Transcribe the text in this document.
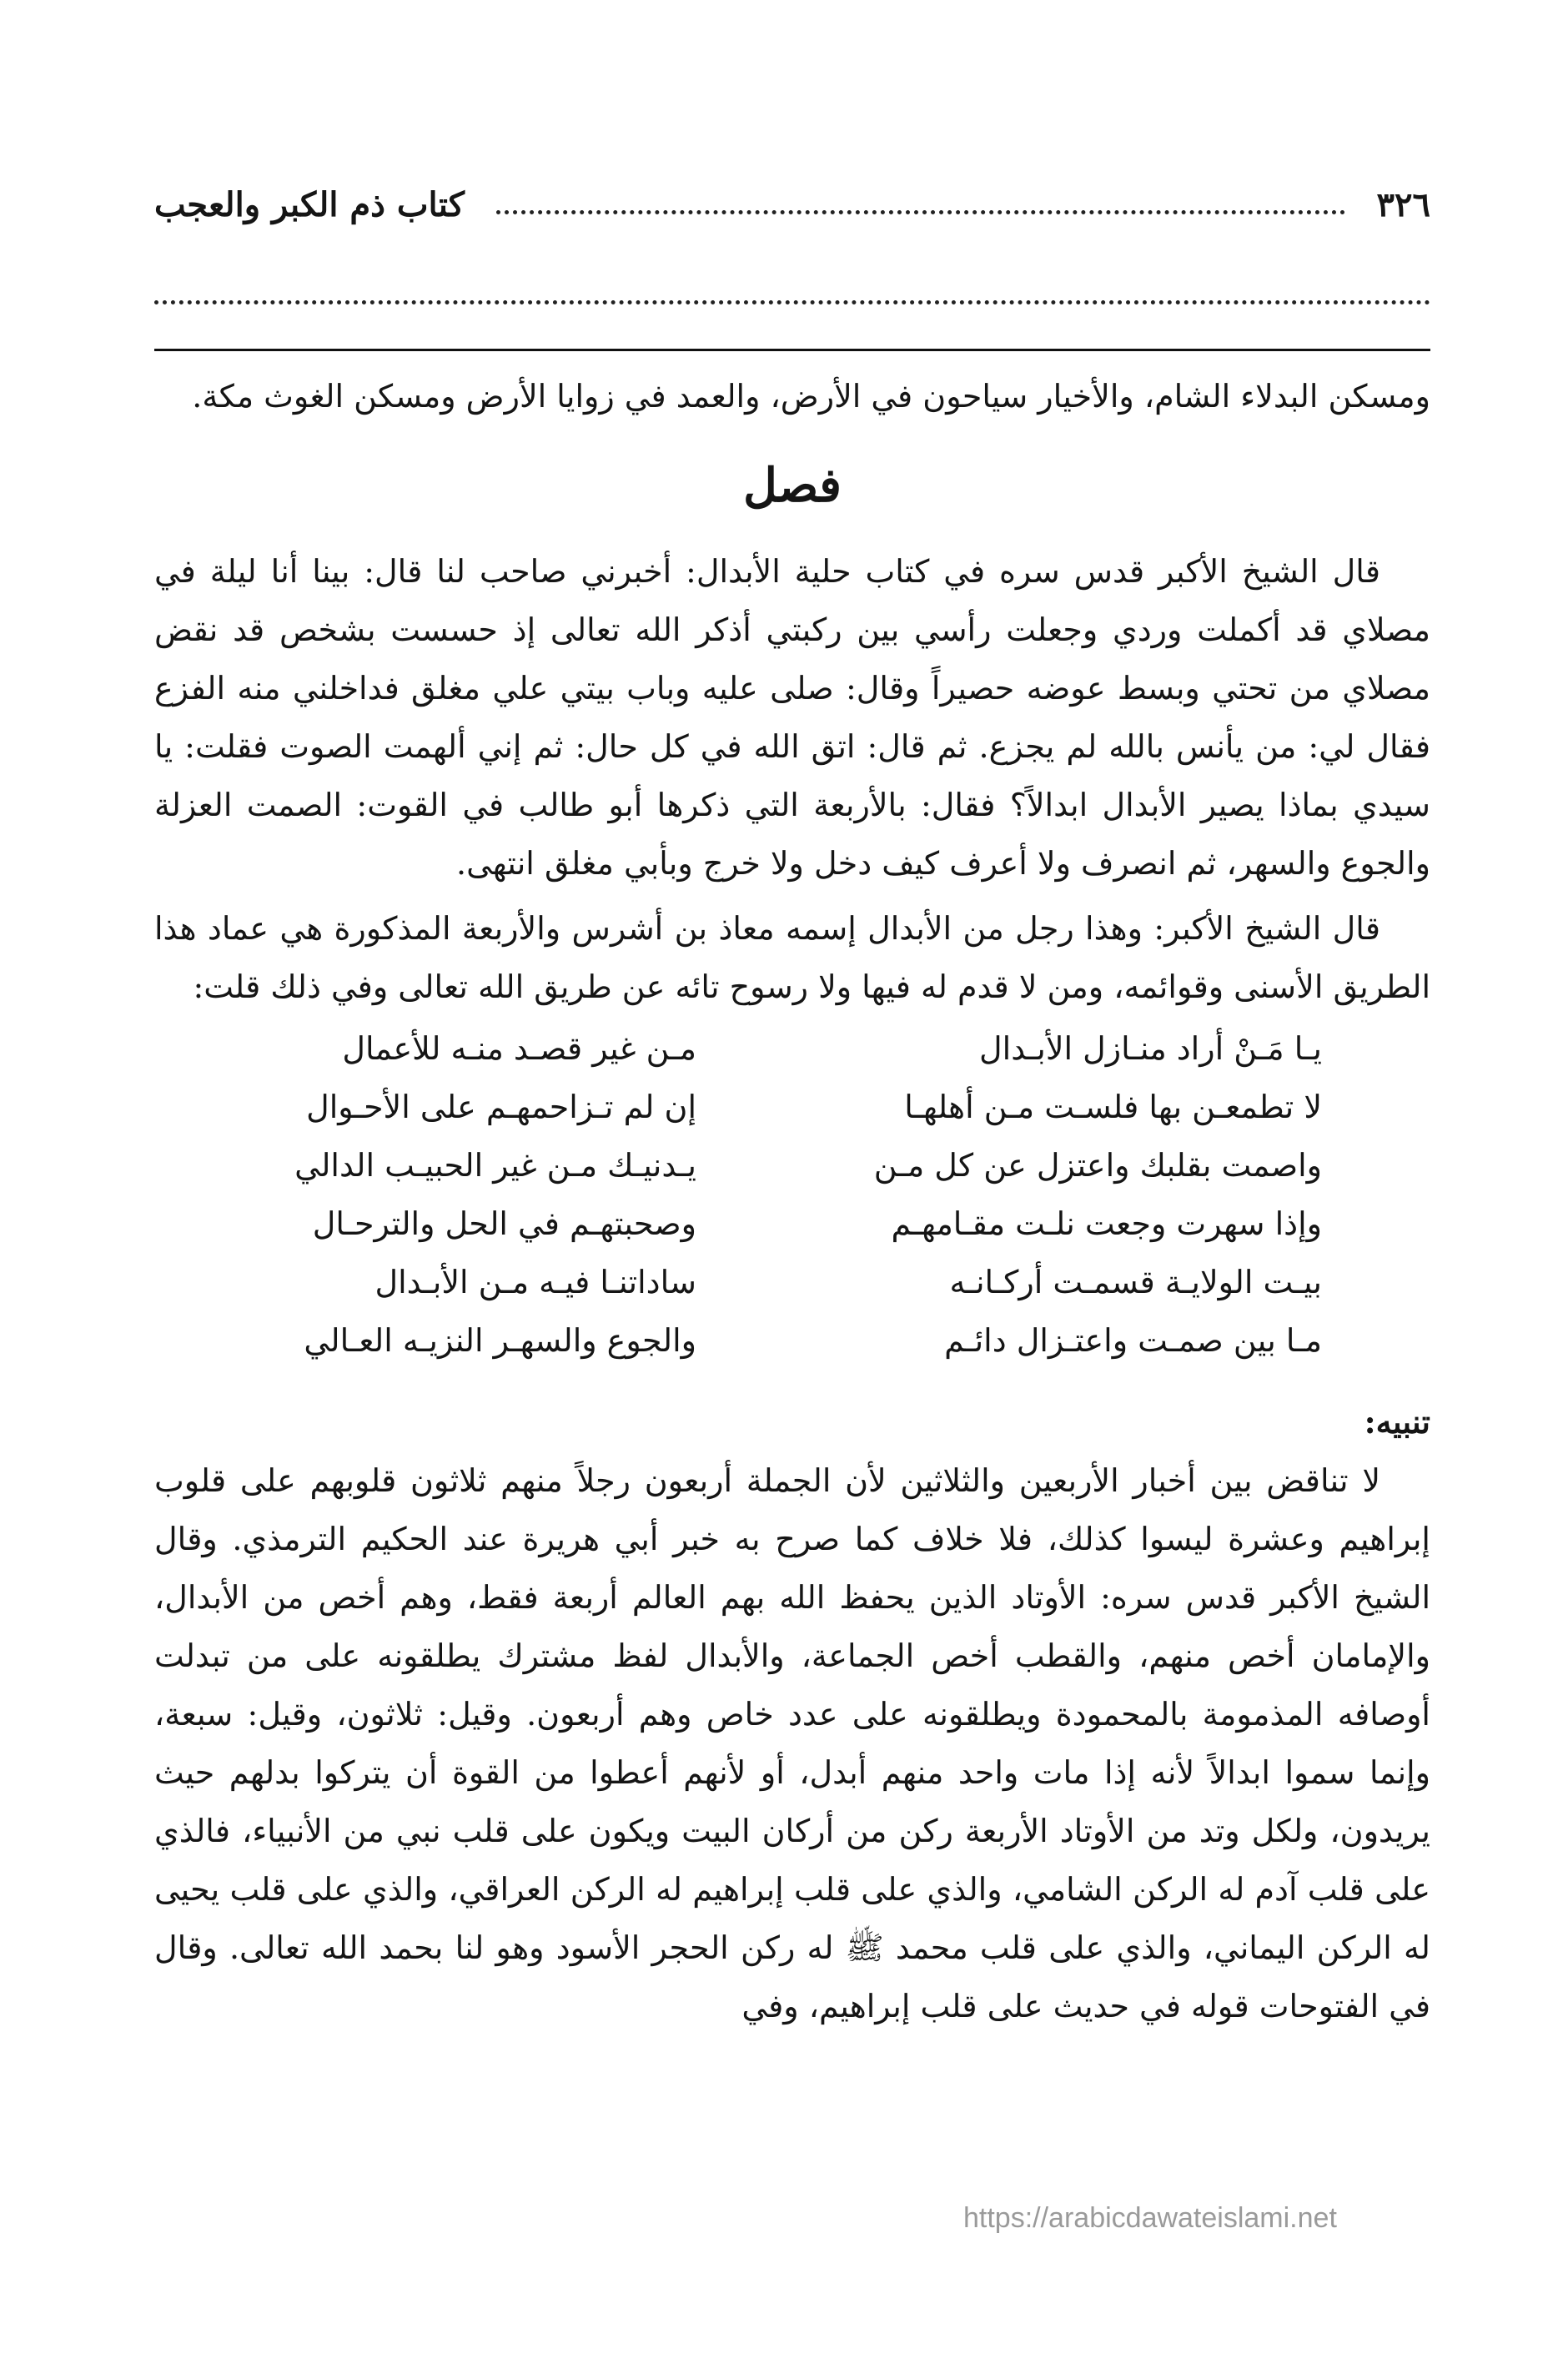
٣٢٦
كتاب ذم الكبر والعجب

ومسكن البدلاء الشام، والأخيار سياحون في الأرض، والعمد في زوايا الأرض ومسكن الغوث مكة.

فصل

قال الشيخ الأكبر قدس سره في كتاب حلية الأبدال: أخبرني صاحب لنا قال: بينا أنا ليلة في مصلاي قد أكملت وردي وجعلت رأسي بين ركبتي أذكر الله تعالى إذ حسست بشخص قد نقض مصلاي من تحتي وبسط عوضه حصيراً وقال: صلى عليه وباب بيتي علي مغلق فداخلني منه الفزع فقال لي: من يأنس بالله لم يجزع. ثم قال: اتق الله في كل حال: ثم إني ألهمت الصوت فقلت: يا سيدي بماذا يصير الأبدال ابدالاً؟ فقال: بالأربعة التي ذكرها أبو طالب في القوت: الصمت العزلة والجوع والسهر، ثم انصرف ولا أعرف كيف دخل ولا خرج وبأبي مغلق انتهى.

قال الشيخ الأكبر: وهذا رجل من الأبدال إسمه معاذ بن أشرس والأربعة المذكورة هي عماد هذا الطريق الأسنى وقوائمه، ومن لا قدم له فيها ولا رسوح تائه عن طريق الله تعالى وفي ذلك قلت:

يـا مَـنْ أراد منـازل الأبـدال
مـن غير قصـد منـه للأعمال
لا تطمعـن بها فلسـت مـن أهلهـا
إن لم تـزاحمهـم على الأحـوال
واصمت بقلبك واعتزل عن كل مـن
يـدنيـك مـن غير الحبيـب الدالي
وإذا سهرت وجعت نلـت مقـامهـم
وصحبتهـم في الحل والترحـال
بيـت الولايـة قسمـت أركـانـه
ساداتنـا فيـه مـن الأبـدال
مـا بين صمـت واعتـزال دائـم
والجوع والسهـر النزيـه العـالي
تنبيه:

لا تناقض بين أخبار الأربعين والثلاثين لأن الجملة أربعون رجلاً منهم ثلاثون قلوبهم على قلوب إبراهيم وعشرة ليسوا كذلك، فلا خلاف كما صرح به خبر أبي هريرة عند الحكيم الترمذي. وقال الشيخ الأكبر قدس سره: الأوتاد الذين يحفظ الله بهم العالم أربعة فقط، وهم أخص من الأبدال، والإمامان أخص منهم، والقطب أخص الجماعة، والأبدال لفظ مشترك يطلقونه على من تبدلت أوصافه المذمومة بالمحمودة ويطلقونه على عدد خاص وهم أربعون. وقيل: ثلاثون، وقيل: سبعة، وإنما سموا ابدالاً لأنه إذا مات واحد منهم أبدل، أو لأنهم أعطوا من القوة أن يتركوا بدلهم حيث يريدون، ولكل وتد من الأوتاد الأربعة ركن من أركان البيت ويكون على قلب نبي من الأنبياء، فالذي على قلب آدم له الركن الشامي، والذي على قلب إبراهيم له الركن العراقي، والذي على قلب يحيى له الركن اليماني، والذي على قلب محمد ﷺ له ركن الحجر الأسود وهو لنا بحمد الله تعالى. وقال في الفتوحات قوله في حديث على قلب إبراهيم، وفي

https://arabicdawateislami.net
